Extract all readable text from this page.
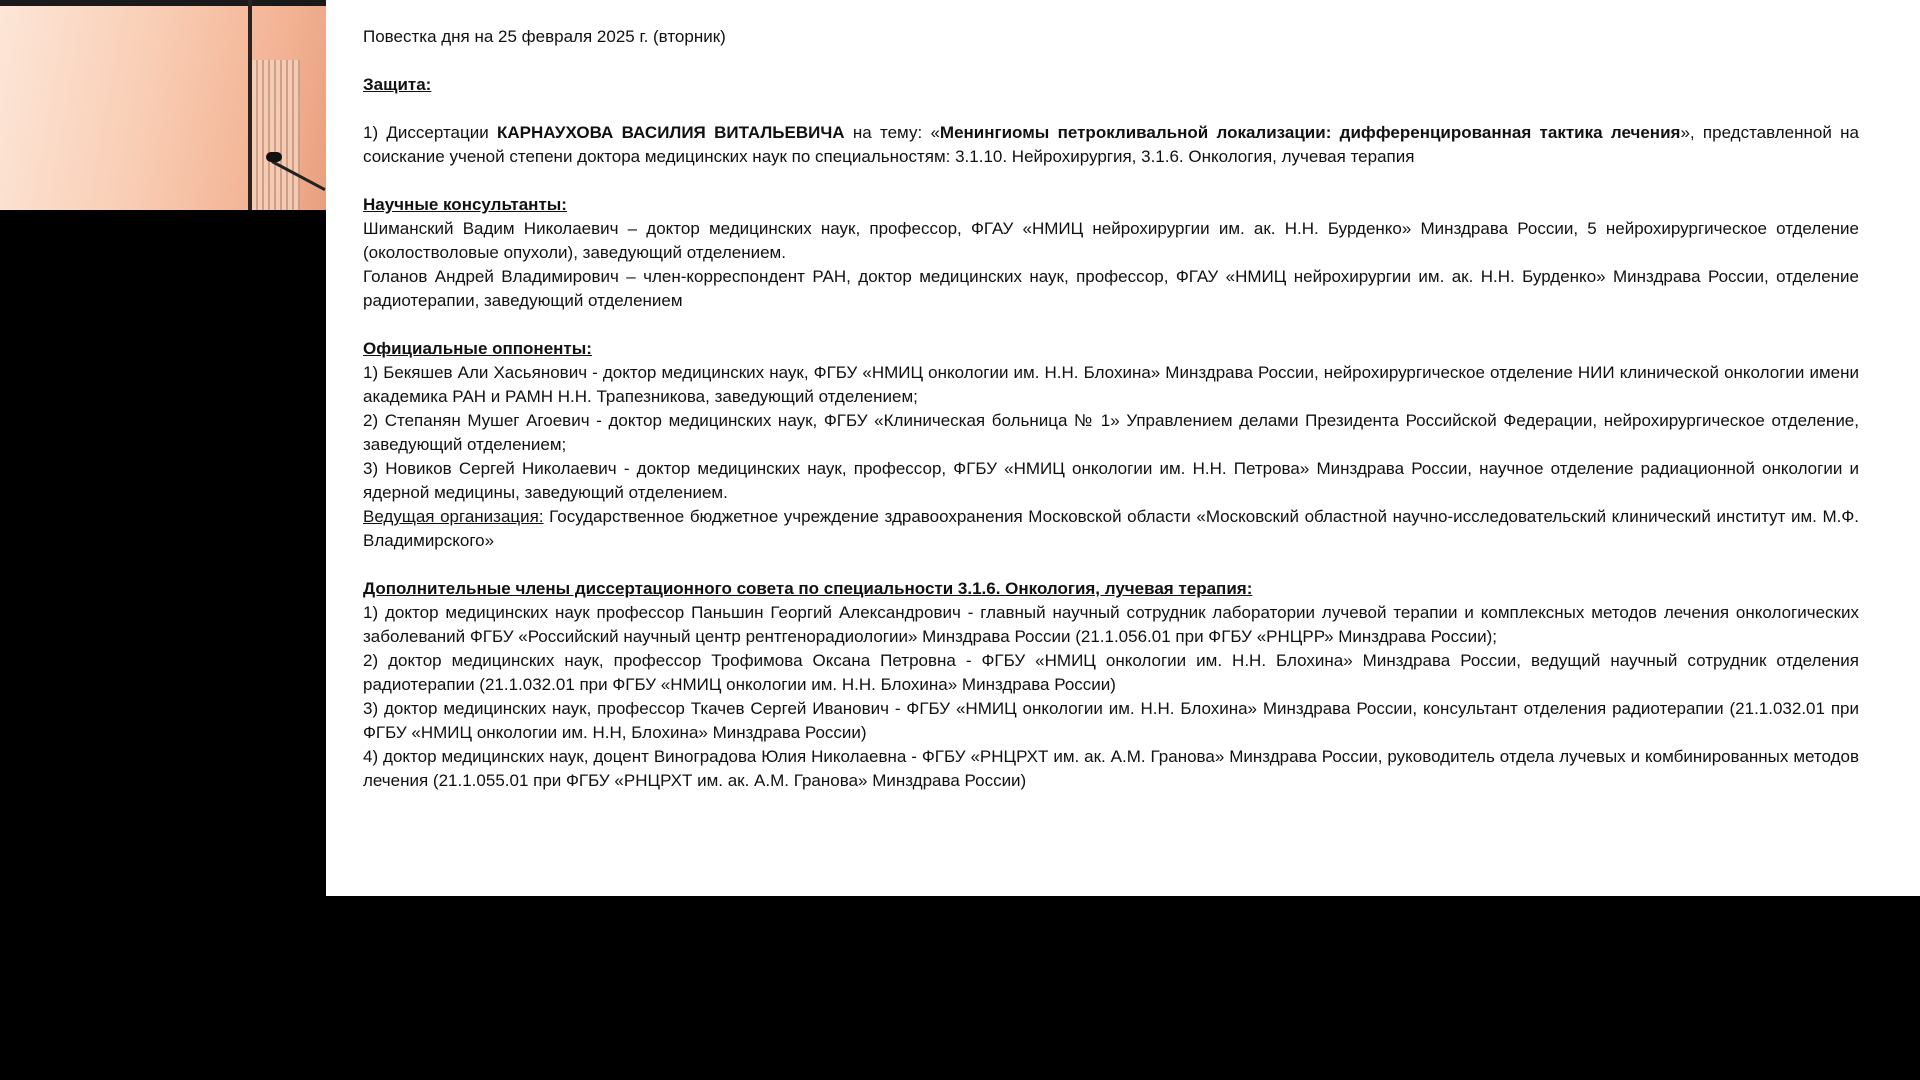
Повестка дня на 25 февраля 2025 г. (вторник)

Защита:

1) Диссертации КАРНАУХОВА ВАСИЛИЯ ВИТАЛЬЕВИЧА на тему: «Менингиомы петрокливальной локализации: дифференцированная тактика лечения», представленной на соискание ученой степени доктора медицинских наук по специальностям: 3.1.10. Нейрохирургия, 3.1.6. Онкология, лучевая терапия

Научные консультанты:

Шиманский Вадим Николаевич – доктор медицинских наук, профессор, ФГАУ «НМИЦ нейрохирургии им. ак. Н.Н. Бурденко» Минздрава России, 5 нейрохирургическое отделение (околостволовые опухоли), заведующий отделением.

Голанов Андрей Владимирович – член-корреспондент РАН, доктор медицинских наук, профессор, ФГАУ «НМИЦ нейрохирургии им. ак. Н.Н. Бурденко» Минздрава России, отделение радиотерапии, заведующий отделением

Официальные оппоненты:

1) Бекяшев Али Хасьянович - доктор медицинских наук, ФГБУ «НМИЦ онкологии им. Н.Н. Блохина» Минздрава России, нейрохирургическое отделение НИИ клинической онкологии имени академика РАН и РАМН Н.Н. Трапезникова, заведующий отделением;

2) Степанян Мушег Агоевич - доктор медицинских наук, ФГБУ «Клиническая больница № 1» Управлением делами Президента Российской Федерации, нейрохирургическое отделение, заведующий отделением;

3) Новиков Сергей Николаевич - доктор медицинских наук, профессор, ФГБУ «НМИЦ онкологии им. Н.Н. Петрова» Минздрава России, научное отделение радиационной онкологии и ядерной медицины, заведующий отделением.

Ведущая организация: Государственное бюджетное учреждение здравоохранения Московской области «Московский областной научно-исследовательский клинический институт им. М.Ф. Владимирского»

Дополнительные члены диссертационного совета по специальности 3.1.6. Онкология, лучевая терапия:

1) доктор медицинских наук профессор Паньшин Георгий Александрович - главный научный сотрудник лаборатории лучевой терапии и комплексных методов лечения онкологических заболеваний ФГБУ «Российский научный центр рентгенорадиологии» Минздрава России (21.1.056.01 при ФГБУ «РНЦРР» Минздрава России);

2) доктор медицинских наук, профессор Трофимова Оксана Петровна - ФГБУ «НМИЦ онкологии им. Н.Н. Блохина» Минздрава России, ведущий научный сотрудник отделения радиотерапии (21.1.032.01 при ФГБУ «НМИЦ онкологии им. Н.Н. Блохина» Минздрава России)

3) доктор медицинских наук, профессор Ткачев Сергей Иванович - ФГБУ «НМИЦ онкологии им. Н.Н. Блохина» Минздрава России, консультант отделения радиотерапии (21.1.032.01 при ФГБУ «НМИЦ онкологии им. Н.Н, Блохина» Минздрава России)

4) доктор медицинских наук, доцент Виноградова Юлия Николаевна - ФГБУ «РНЦРХТ им. ак. А.М. Гранова» Минздрава России, руководитель отдела лучевых и комбинированных методов лечения (21.1.055.01 при ФГБУ «РНЦРХТ им. ак. А.М. Гранова» Минздрава России)
